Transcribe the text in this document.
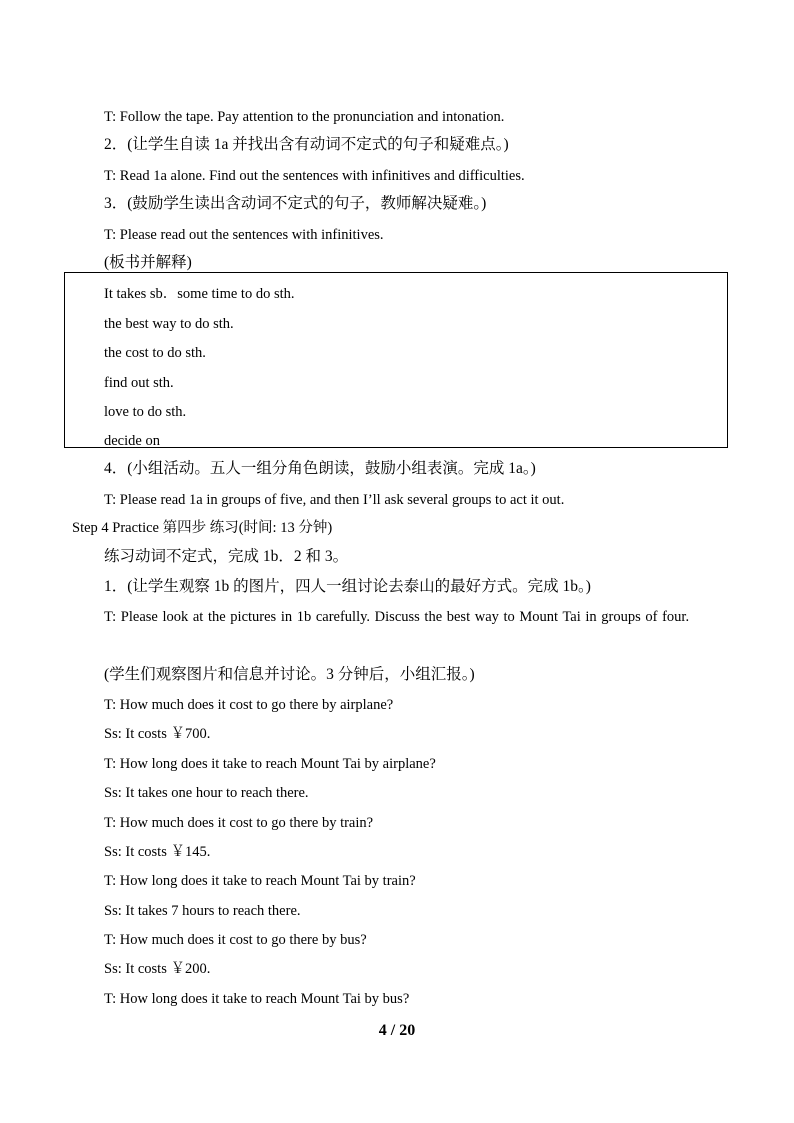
T: Follow the tape. Pay attention to the pronunciation and intonation.
2．(让学生自读 1a 并找出含有动词不定式的句子和疑难点。)
T: Read 1a alone. Find out the sentences with infinitives and difficulties.
3．(鼓励学生读出含动词不定式的句子，教师解决疑难。)
T: Please read out the sentences with infinitives.
(板书并解释)
It takes sb．some time to do sth.
the best way to do sth.
the cost to do sth.
find out sth.
love to do sth.
decide on
4．(小组活动。五人一组分角色朗读，鼓励小组表演。完成 1a。)
T: Please read 1a in groups of five, and then I’ll ask several groups to act it out.
Step 4 Practice 第四步 练习(时间: 13 分钟)
练习动词不定式，完成 1b．2 和 3。
1．(让学生观察 1b 的图片，四人一组讨论去泰山的最好方式。完成 1b。)
T: Please look at the pictures in 1b carefully. Discuss the best way to Mount Tai in groups of four.
(学生们观察图片和信息并讨论。3 分钟后，小组汇报。)
T: How much does it cost to go there by airplane?
Ss: It costs ￥700.
T: How long does it take to reach Mount Tai by airplane?
Ss: It takes one hour to reach there.
T: How much does it cost to go there by train?
Ss: It costs ￥145.
T: How long does it take to reach Mount Tai by train?
Ss: It takes 7 hours to reach there.
T: How much does it cost to go there by bus?
Ss: It costs ￥200.
T: How long does it take to reach Mount Tai by bus?
4 / 20
